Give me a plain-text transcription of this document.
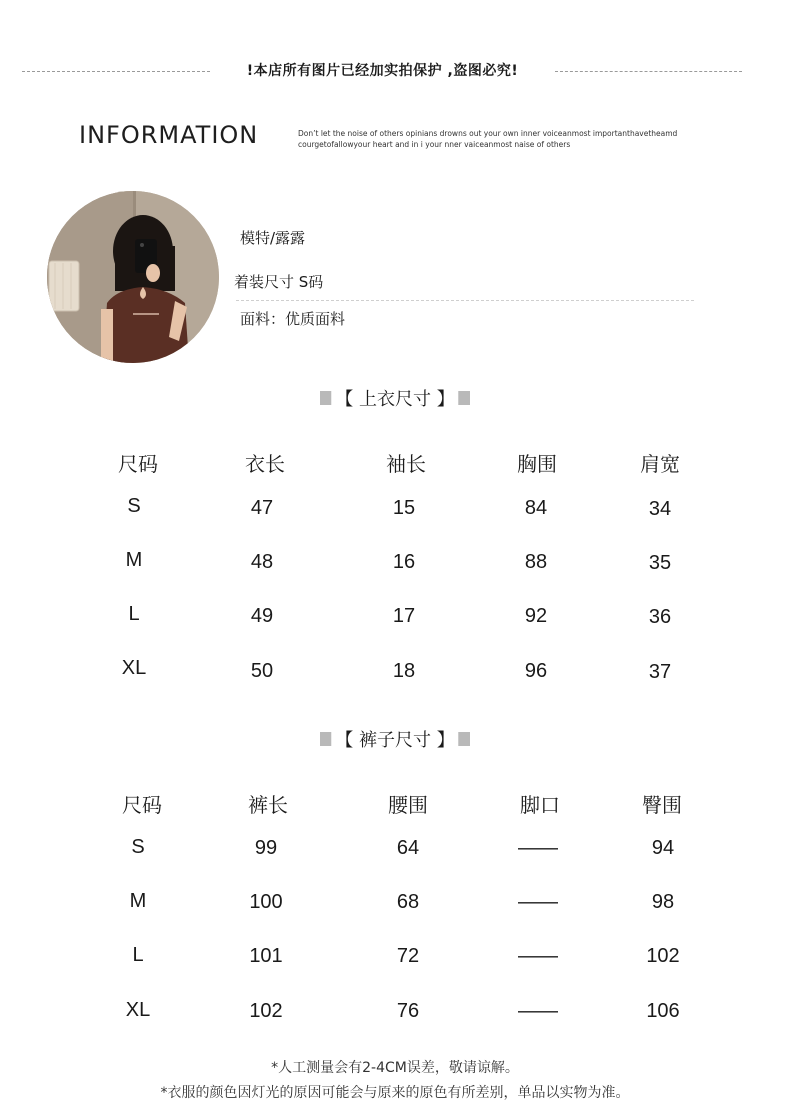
!本店所有图片已经加实拍保护 ,盗图必究!
INFORMATION	Don’t let the noise of others opinians drowns out your own inner voiceanmost importanthavetheamd courgetofallowyour heart and in i your nner vaiceanmost naise of others
模特/露露
着装尺寸 S码
面料：优质面料
【 上衣尺寸 】
尺码	衣长	袖长	胸围	肩宽
S	47	15	84	34
M	48	16	88	35
L	49	17	92	36
XL	50	18	96	37
【 裤子尺寸 】
尺码	裤长	腰围	脚口	臀围
S	99	64	——	94
M	100	68	——	98
L	101	72	——	102
XL	102	76	——	106
*人工测量会有2-4CM误差，敬请谅解。
*衣服的颜色因灯光的原因可能会与原来的原色有所差别，单品以实物为准。
